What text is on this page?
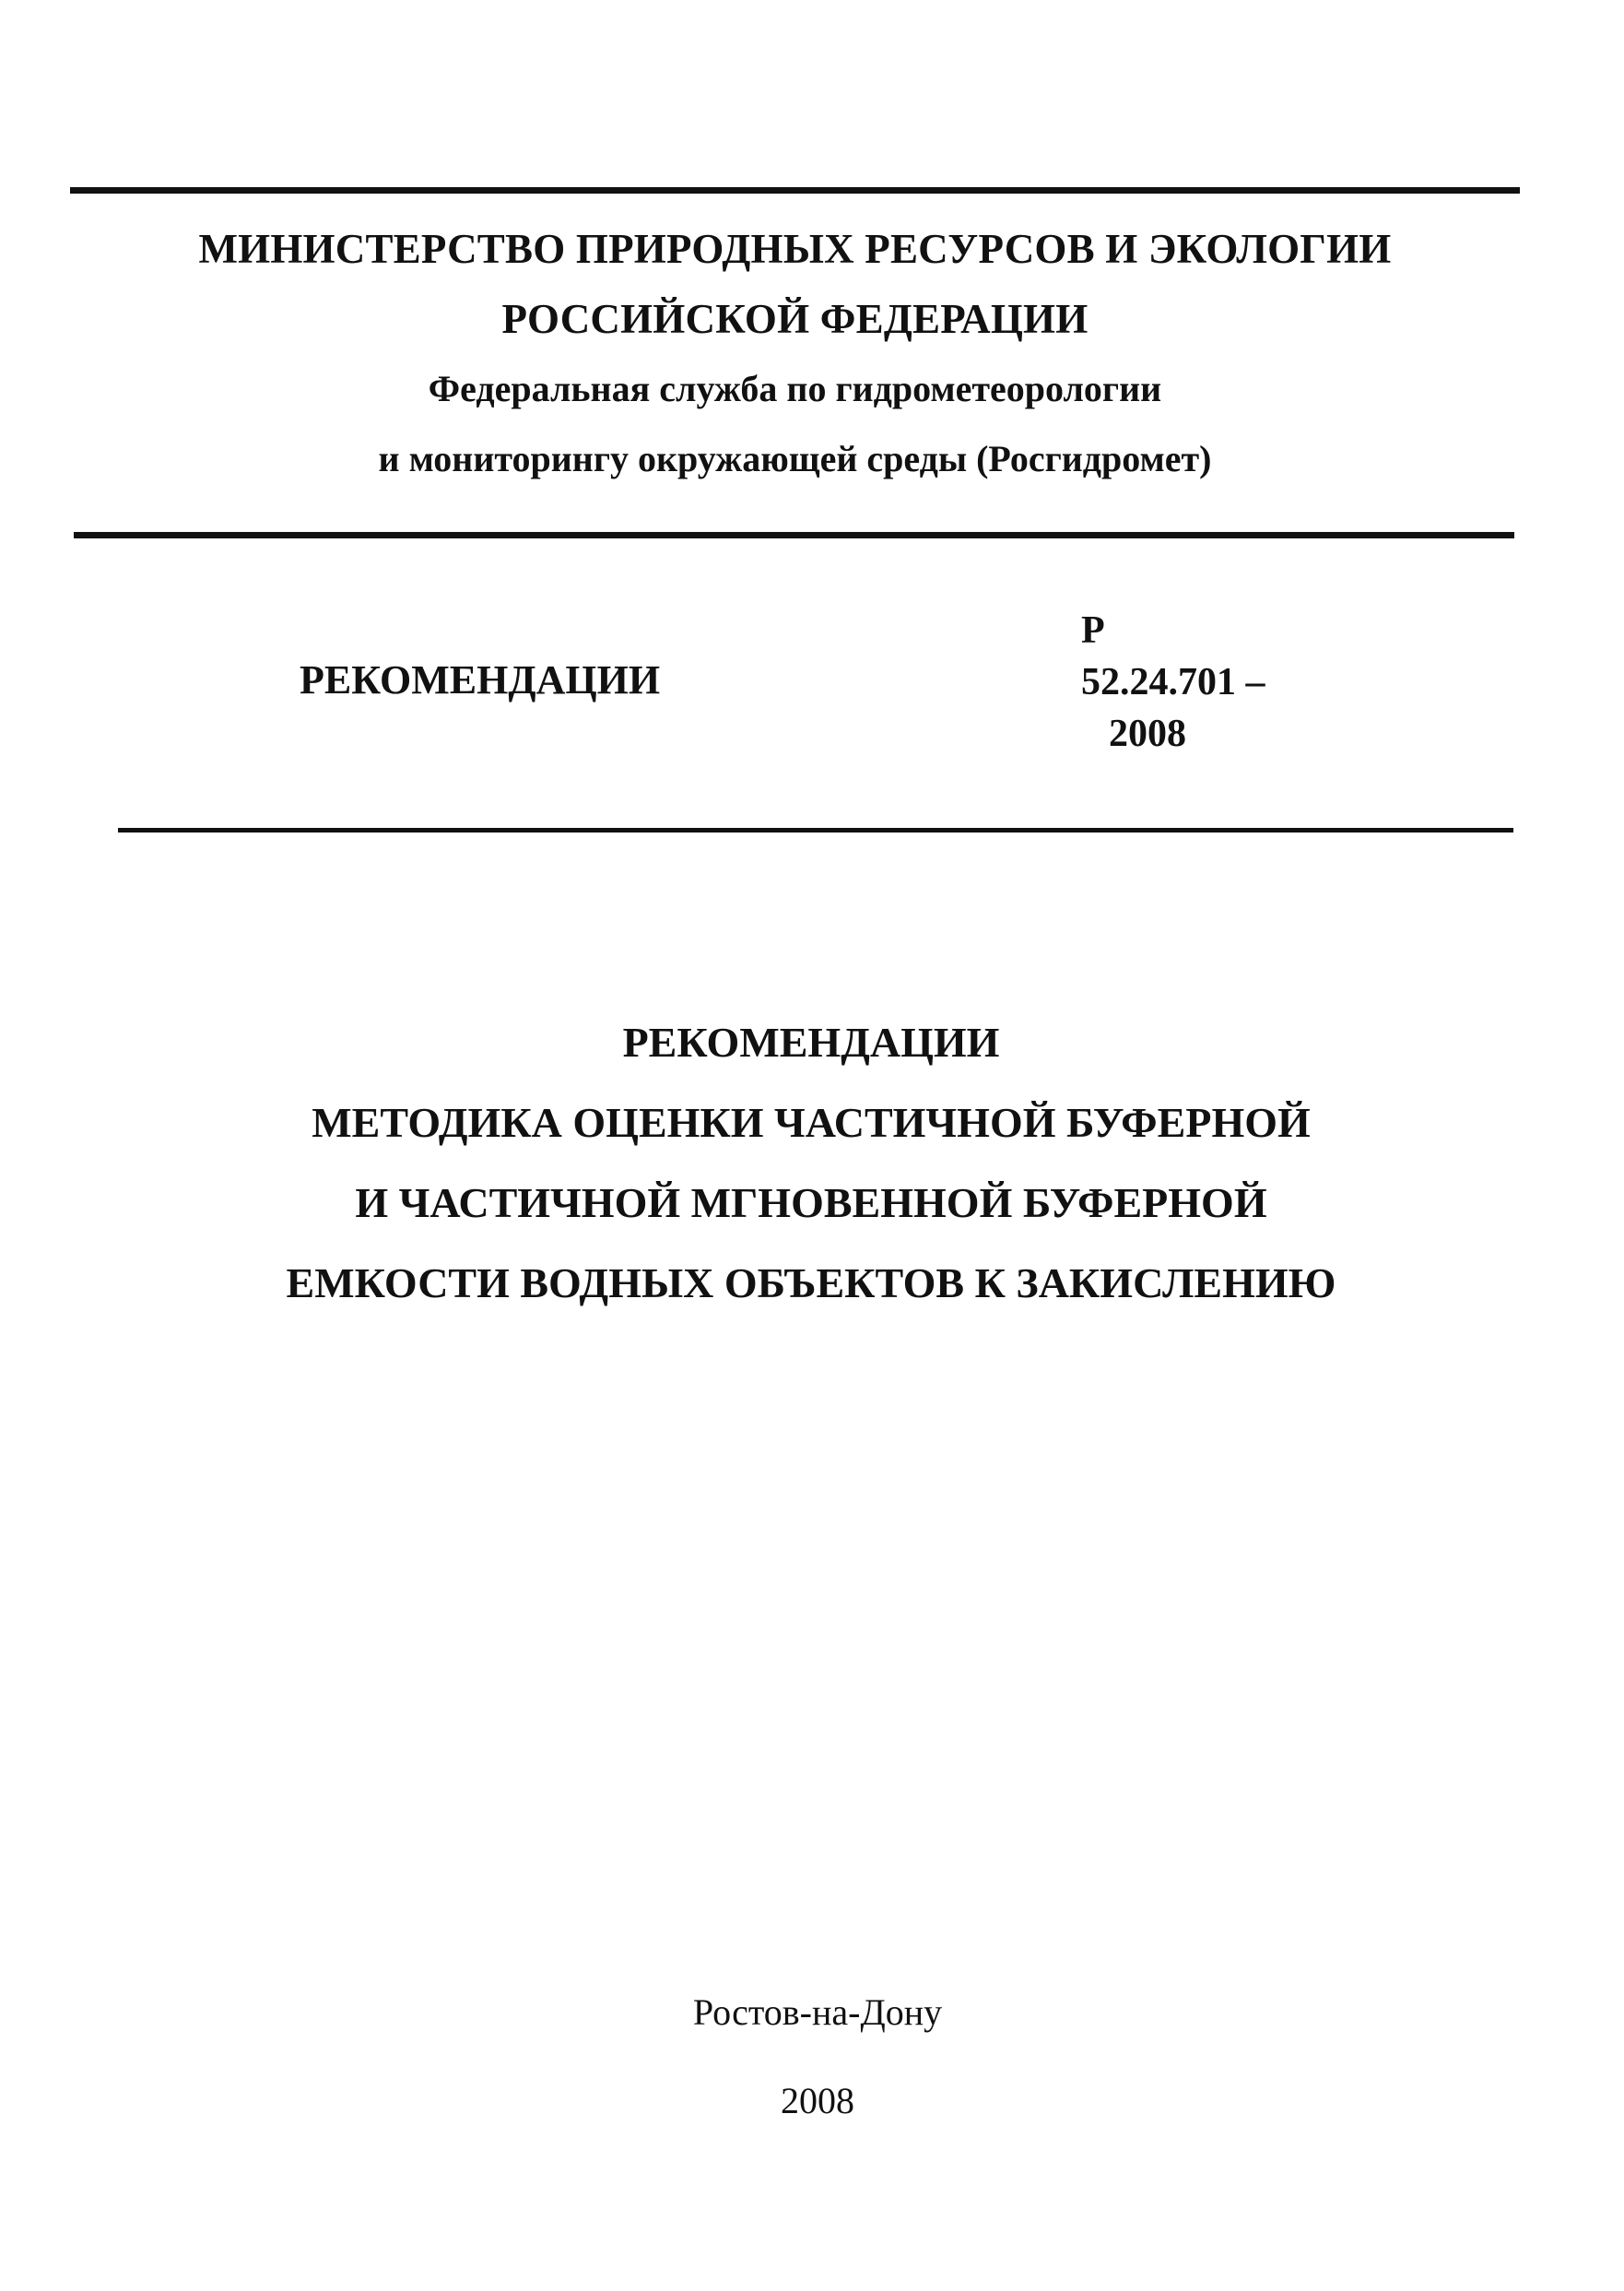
МИНИСТЕРСТВО ПРИРОДНЫХ РЕСУРСОВ И ЭКОЛОГИИ
РОССИЙСКОЙ ФЕДЕРАЦИИ
Федеральная служба по гидрометеорологии
и мониторингу окружающей среды (Росгидромет)
РЕКОМЕНДАЦИИ
Р
52.24.701 –
2008
РЕКОМЕНДАЦИИ
МЕТОДИКА ОЦЕНКИ ЧАСТИЧНОЙ БУФЕРНОЙ
И ЧАСТИЧНОЙ МГНОВЕННОЙ БУФЕРНОЙ
ЕМКОСТИ ВОДНЫХ ОБЪЕКТОВ К ЗАКИСЛЕНИЮ
Ростов-на-Дону
2008
